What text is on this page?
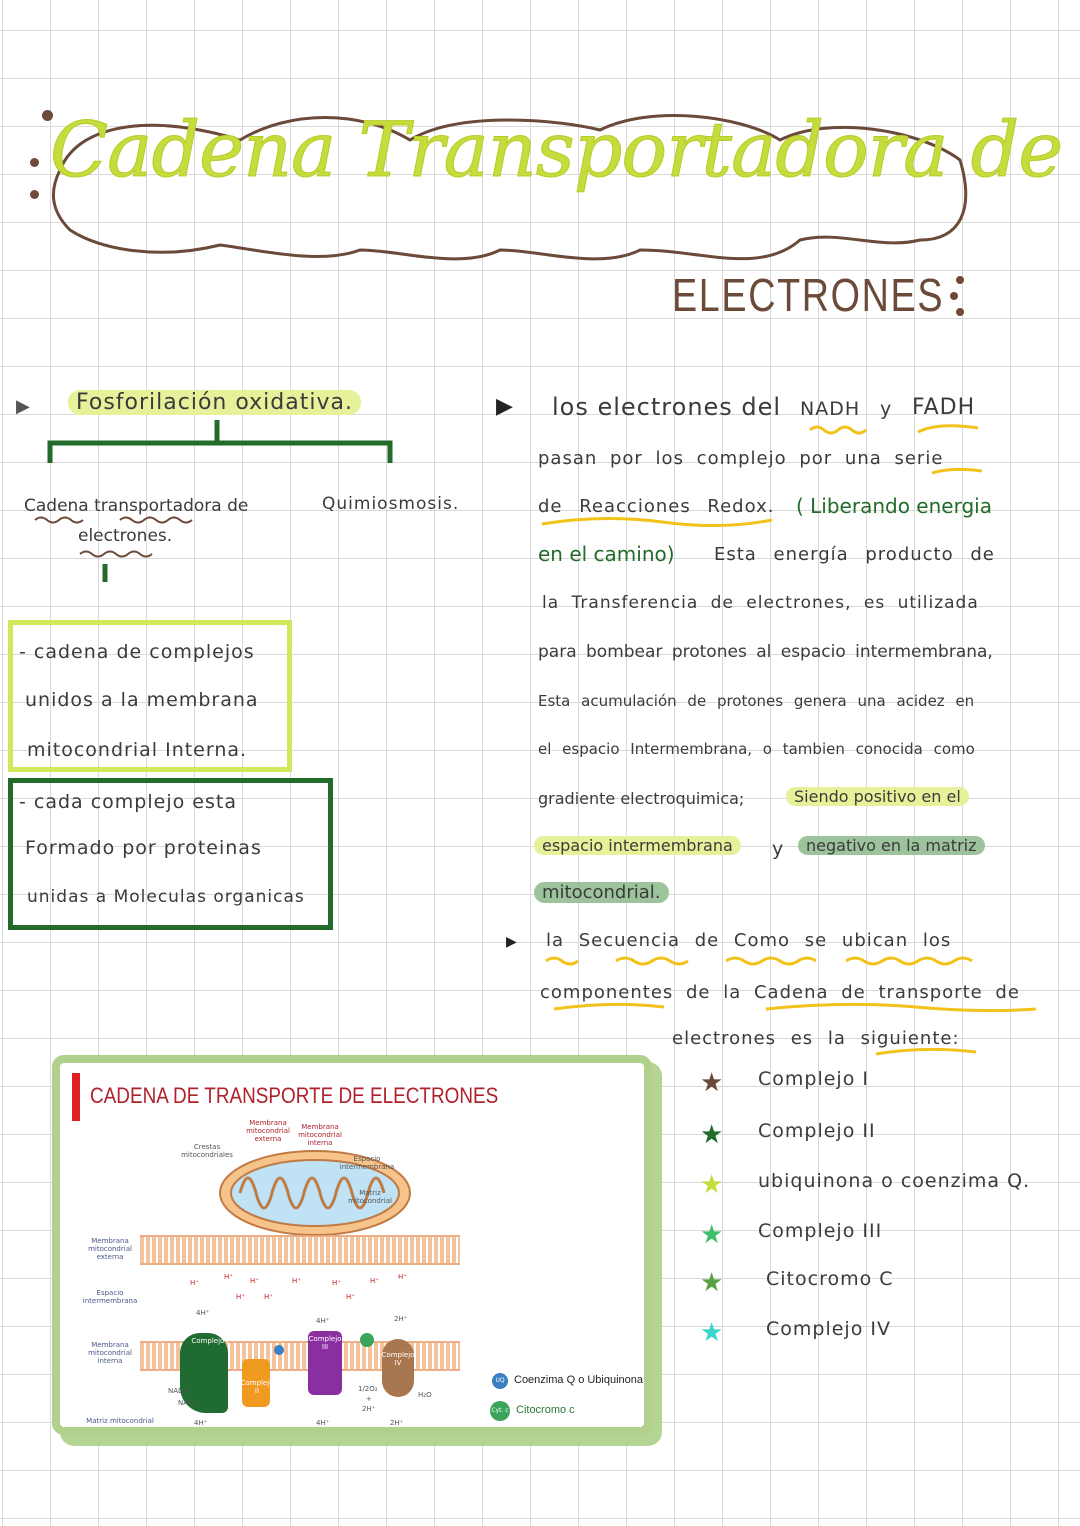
Cadena Transportadora de
ELECTRONES
▶	Fosforilación oxidativa.
Cadena transportadora de
electrones.
Quimiosmosis.
- cadena de complejos
unidos a la membrana
mitocondrial Interna.
- cada complejo esta
Formado por proteinas
unidas a Moleculas organicas
▶ los electrones del NADH y FADH
pasan por los complejo por una serie
de Reacciones Redox. ( Liberando energia
en el camino) Esta energía producto de
la Transferencia de electrones, es utilizada
para bombear protones al espacio intermembrana,
Esta acumulación de protones genera una acidez en
el espacio Intermembrana, o tambien conocida como
gradiente electroquimica;	Siendo positivo en el
espacio intermembrana	y	negativo en la matriz
mitocondrial.
▶ la Secuencia de Como se ubican los
componentes de la Cadena de transporte de
electrones es la siguiente:
★ Complejo I
★ Complejo II
★ ubiquinona o coenzima Q.
★ Complejo III
★ Citocromo C
★ Complejo IV
CADENA DE TRANSPORTE DE ELECTRONES
Crestas mitocondriales
Membrana mitocondrial externa
Membrana mitocondrial interna
Espacio intermembrana
Matriz mitocondrial
Membrana mitocondrial externa
Espacio intermembrana
Membrana mitocondrial interna
Matriz mitocondrial
H⁺
H⁺ H⁺	H⁺	H⁺	H⁺	H⁺
H⁺	H⁺	H⁺
Complejo I
Complejo II
Complejo III
Complejo IV
4H⁺
4H⁺	2H⁺
1/2O₂
+
2H⁺
H₂O
NADH
NAD⁺
4H⁺	4H⁺	2H⁺
UQ Coenzima Q o Ubiquinona
Cyt. c Citocromo c
